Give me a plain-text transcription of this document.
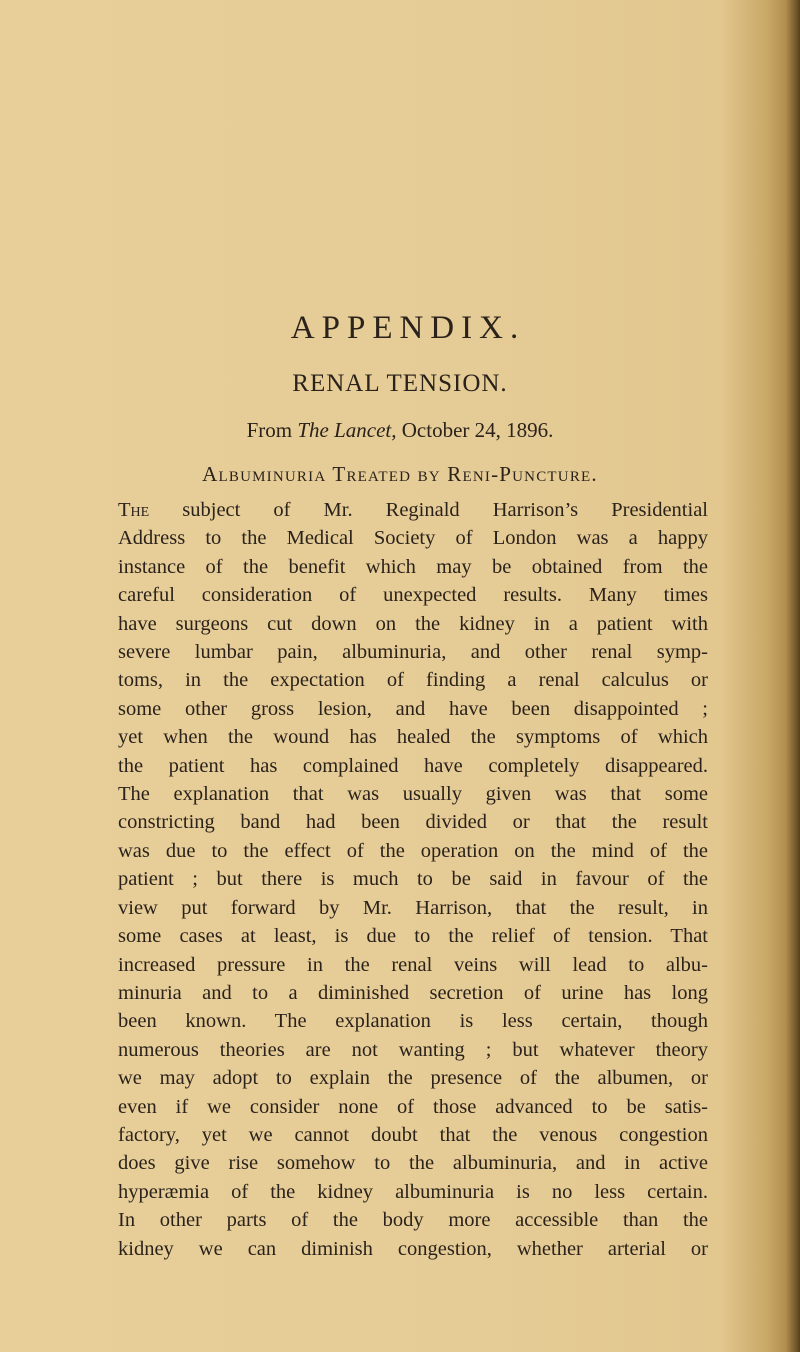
APPENDIX.
RENAL TENSION.
From The Lancet, October 24, 1896.
Albuminuria Treated by Reni-Puncture.
The subject of Mr. Reginald Harrison’s Presidential
Address to the Medical Society of London was a happy
instance of the benefit which may be obtained from the
careful consideration of unexpected results. Many times
have surgeons cut down on the kidney in a patient with
severe lumbar pain, albuminuria, and other renal symp-
toms, in the expectation of finding a renal calculus or
some other gross lesion, and have been disappointed ;
yet when the wound has healed the symptoms of which
the patient has complained have completely disappeared.
The explanation that was usually given was that some
constricting band had been divided or that the result
was due to the effect of the operation on the mind of the
patient ; but there is much to be said in favour of the
view put forward by Mr. Harrison, that the result, in
some cases at least, is due to the relief of tension. That
increased pressure in the renal veins will lead to albu-
minuria and to a diminished secretion of urine has long
been known. The explanation is less certain, though
numerous theories are not wanting ; but whatever theory
we may adopt to explain the presence of the albumen, or
even if we consider none of those advanced to be satis-
factory, yet we cannot doubt that the venous congestion
does give rise somehow to the albuminuria, and in active
hyperæmia of the kidney albuminuria is no less certain.
In other parts of the body more accessible than the
kidney we can diminish congestion, whether arterial or
